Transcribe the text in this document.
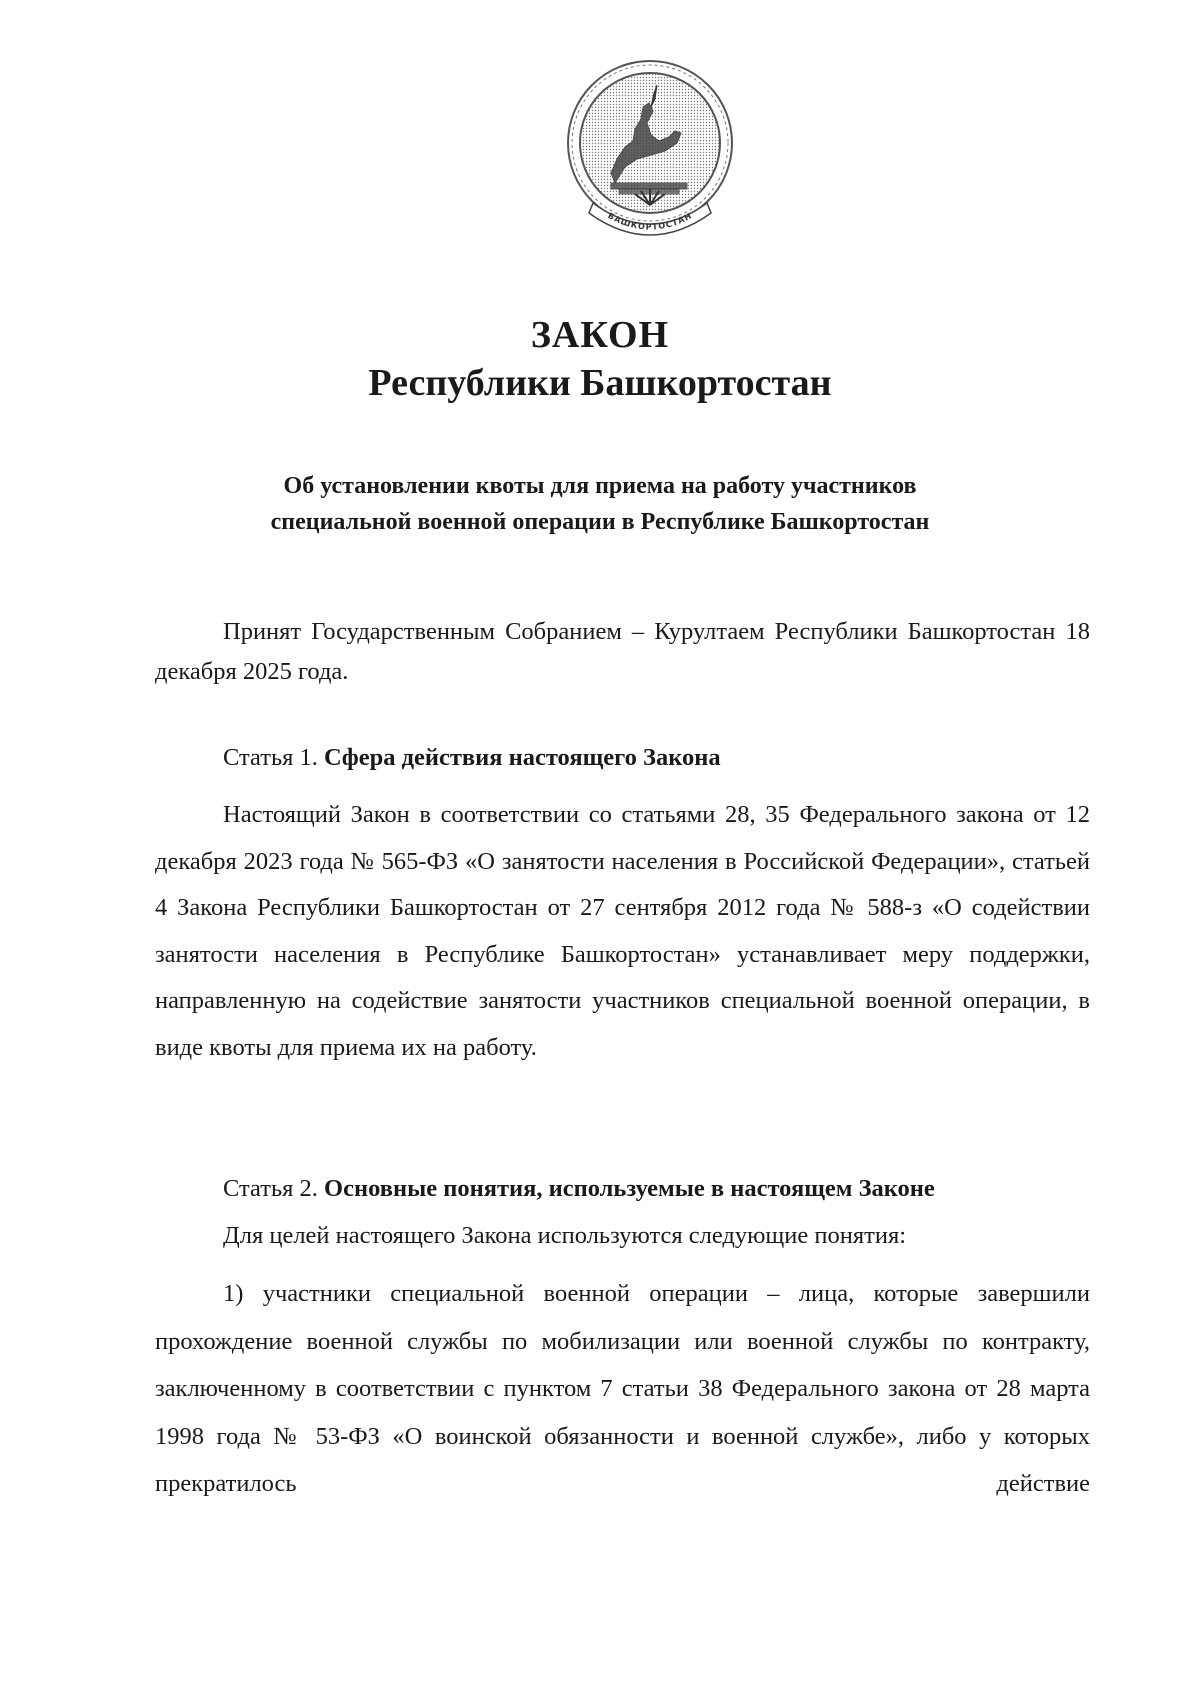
БАШКОРТОСТАН
ЗАКОН
Республики Башкортостан
Об установлении квоты для приема на работу участников
специальной военной операции в Республике Башкортостан
Принят Государственным Собранием – Курултаем Республики Башкортостан 18 декабря 2025 года.
Статья 1. Сфера действия настоящего Закона
Настоящий Закон в соответствии со статьями 28, 35 Федерального закона от 12 декабря 2023 года № 565-ФЗ «О занятости населения в Российской Федерации», статьей 4 Закона Республики Башкортостан от 27 сентября 2012 года № 588-з «О содействии занятости населения в Республике Башкортостан» устанавливает меру поддержки, направленную на содействие занятости участников специальной военной операции, в виде квоты для приема их на работу.
Статья 2. Основные понятия, используемые в настоящем Законе
Для целей настоящего Закона используются следующие понятия:
1) участники специальной военной операции – лица, которые завершили прохождение военной службы по мобилизации или военной службы по контракту, заключенному в соответствии с пунктом 7 статьи 38 Федерального закона от 28 марта 1998 года № 53-ФЗ «О воинской обязанности и военной службе», либо у которых прекратилось действие
